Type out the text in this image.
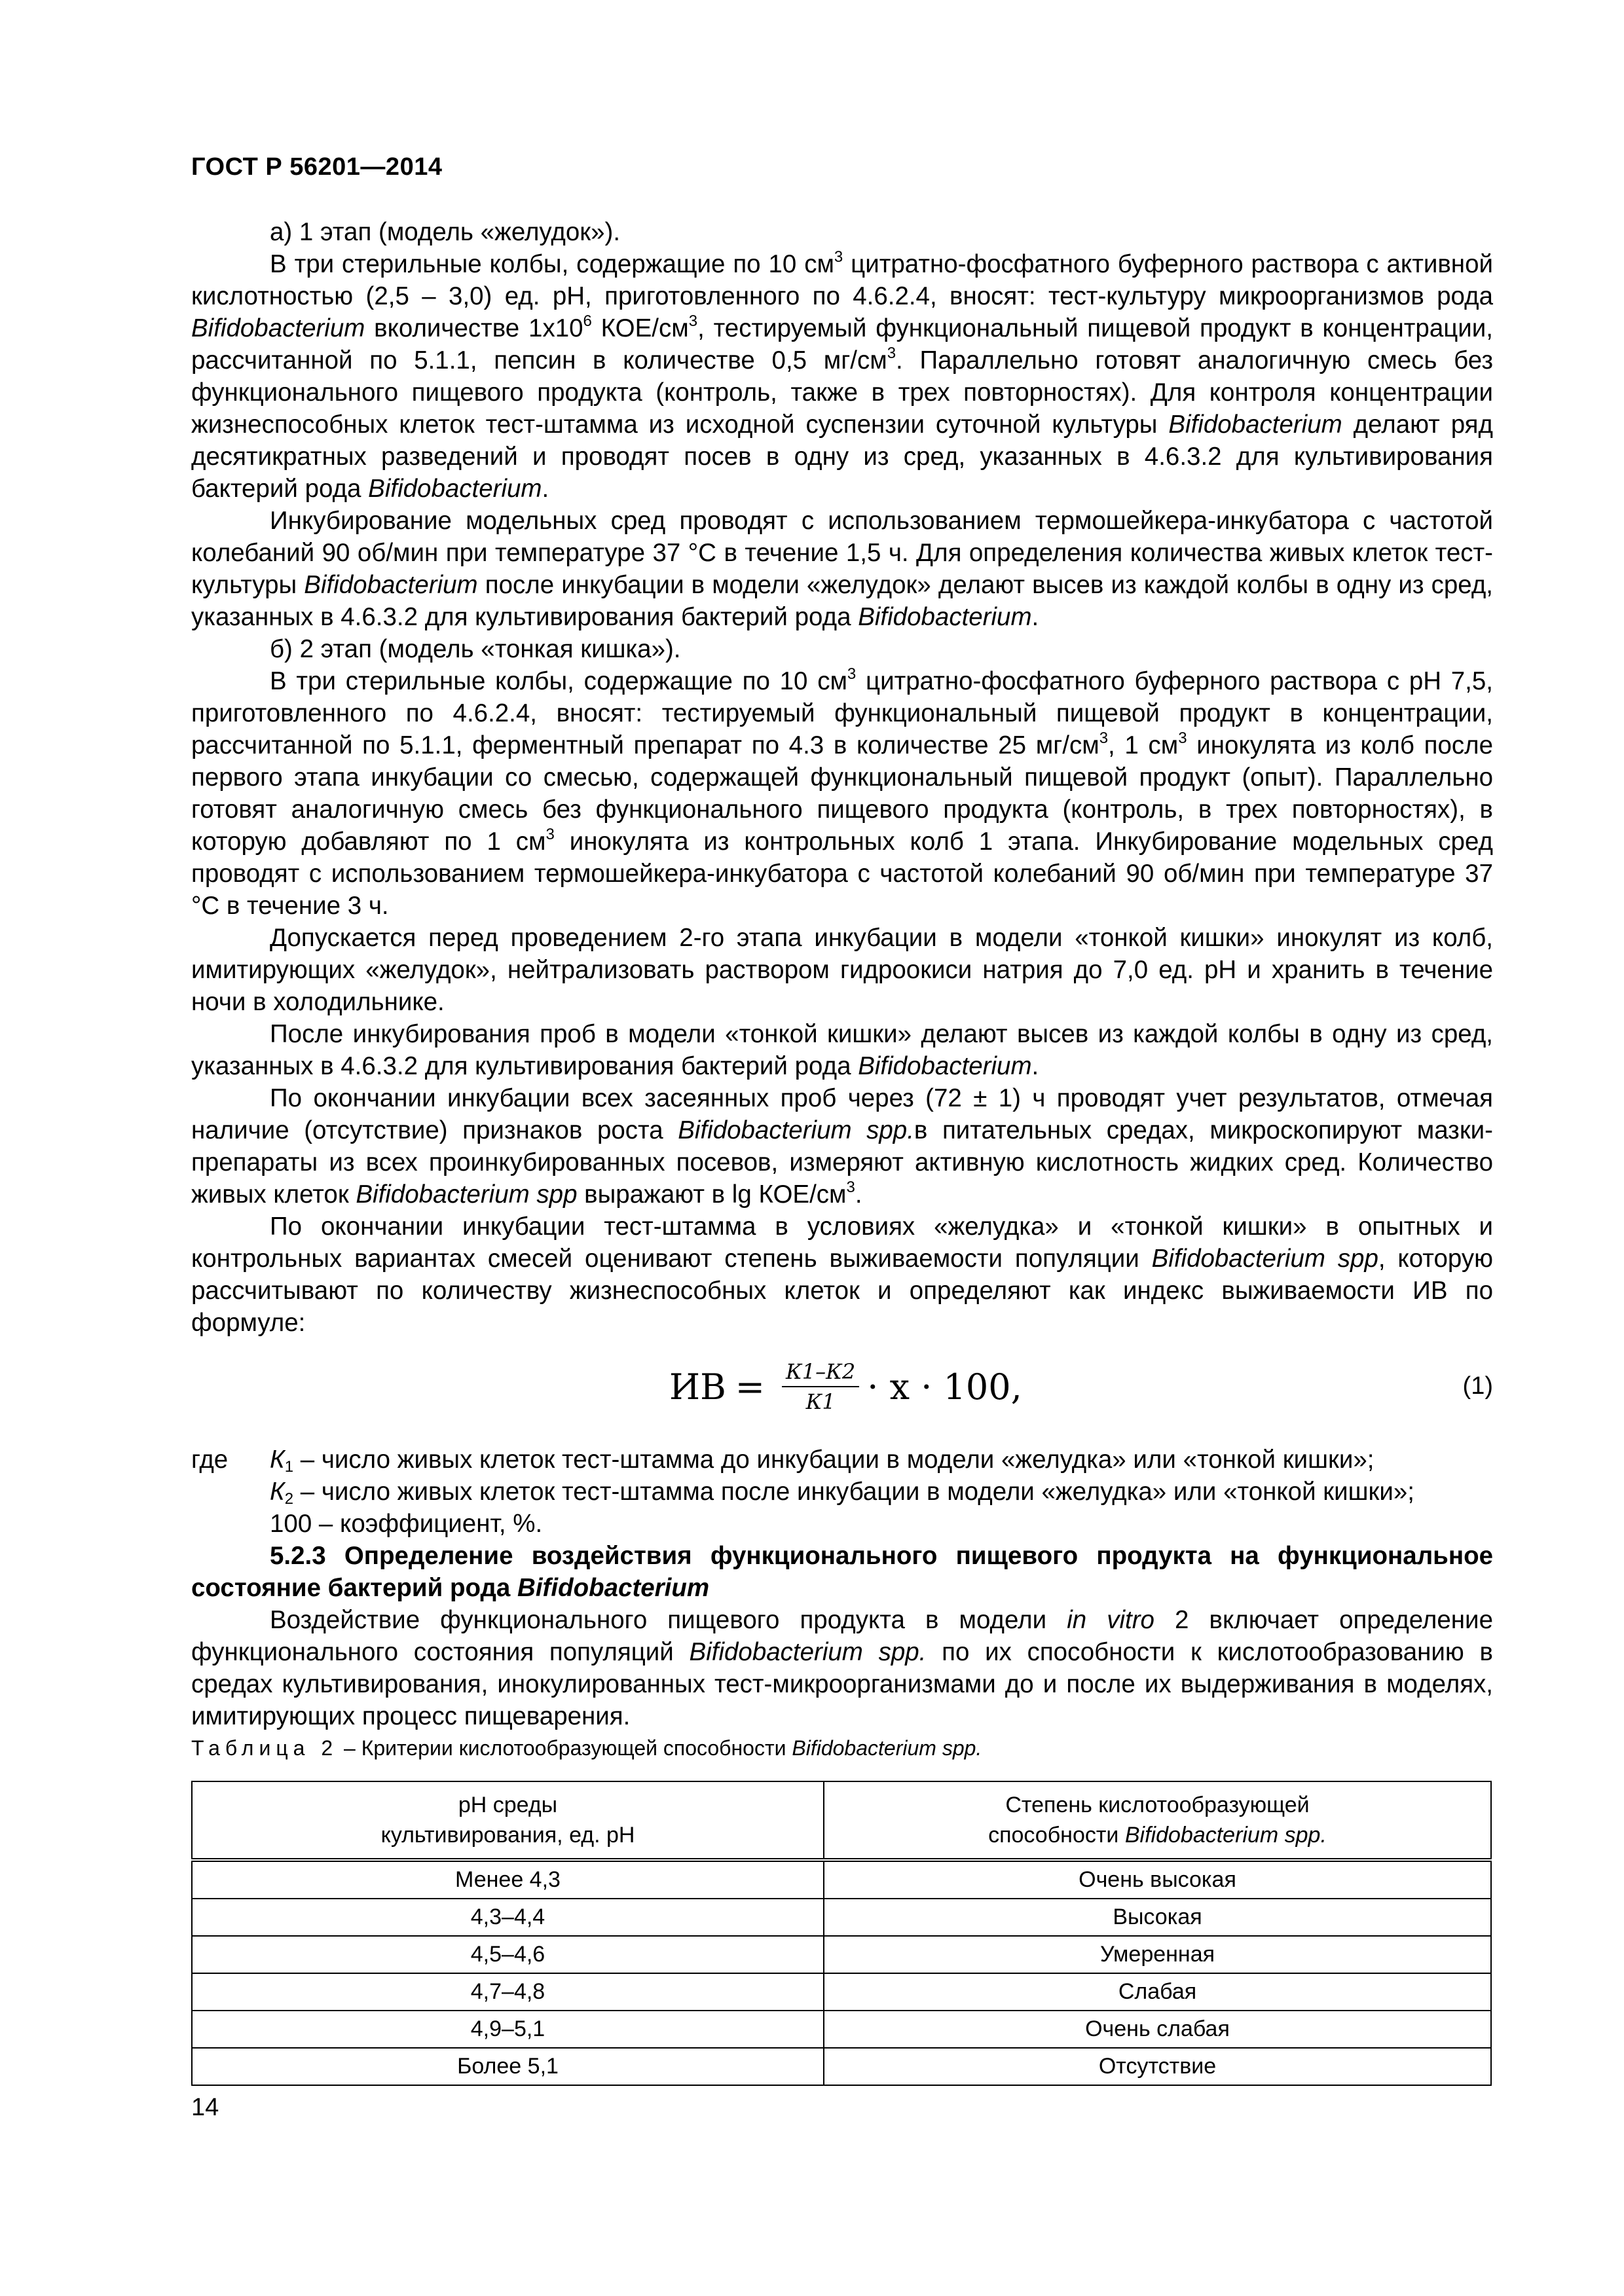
ГОСТ Р 56201—2014

а) 1 этап (модель «желудок»).

В три стерильные колбы, содержащие по 10 $см^3$ цитратно-фосфатного буферного раствора с активной кислотностью (2,5 – 3,0) ед. рН, приготовленного по 4.6.2.4, вносят: тест-культуру микроорганизмов рода Bifidobacterium вколичестве $1х10^6$ КОЕ/$см^3$, тестируемый функциональный пищевой продукт в концентрации, рассчитанной по 5.1.1, пепсин в количестве 0,5 $мг/см^3$. Параллельно готовят аналогичную смесь без функционального пищевого продукта (контроль, также в трех повторностях). Для контроля концентрации жизнеспособных клеток тест-штамма из исходной суспензии суточной культуры Bifidobacterium делают ряд десятикратных разведений и проводят посев в одну из сред, указанных в 4.6.3.2 для культивирования бактерий рода Bifidobacterium.

Инкубирование модельных сред проводят с использованием термошейкера-инкубатора с частотой колебаний 90 об/мин при температуре 37 °С в течение 1,5 ч. Для определения количества живых клеток тест-культуры Bifidobacterium после инкубации в модели «желудок» делают высев из каждой колбы в одну из сред, указанных в 4.6.3.2 для культивирования бактерий рода Bifidobacterium.

б) 2 этап (модель «тонкая кишка»).

В три стерильные колбы, содержащие по 10 $см^3$ цитратно-фосфатного буферного раствора с рН 7,5, приготовленного по 4.6.2.4, вносят: тестируемый функциональный пищевой продукт в концентрации, рассчитанной по 5.1.1, ферментный препарат по 4.3 в количестве 25 $мг/см^3$, 1 $см^3$ инокулята из колб после первого этапа инкубации со смесью, содержащей функциональный пищевой продукт (опыт). Параллельно готовят аналогичную смесь без функционального пищевого продукта (контроль, в трех повторностях), в которую добавляют по 1 $см^3$ инокулята из контрольных колб 1 этапа. Инкубирование модельных сред проводят с использованием термошейкера-инкубатора с частотой колебаний 90 об/мин при температуре 37 °С в течение 3 ч.

Допускается перед проведением 2-го этапа инкубации в модели «тонкой кишки» инокулят из колб, имитирующих «желудок», нейтрализовать раствором гидроокиси натрия до 7,0 ед. рН и хранить в течение ночи в холодильнике.

После инкубирования проб в модели «тонкой кишки» делают высев из каждой колбы в одну из сред, указанных в 4.6.3.2 для культивирования бактерий рода Bifidobacterium.

По окончании инкубации всех засеянных проб через (72 ± 1) ч проводят учет результатов, отмечая наличие (отсутствие) признаков роста Bifidobacterium spp.в питательных средах, микроскопируют мазки-препараты из всех проинкубированных посевов, измеряют активную кислотность жидких сред. Количество живых клеток Bifidobacterium spp выражают в lg КОЕ/$см^3$.

По окончании инкубации тест-штамма в условиях «желудка» и «тонкой кишки» в опытных и контрольных вариантах смесей оценивают степень выживаемости популяции Bifidobacterium spp, которую рассчитывают по количеству жизнеспособных клеток и определяют как индекс выживаемости ИВ по формуле:

ИВ = $\frac{К1-К2}{К1} \cdot x \cdot 100$,	(1)
где	$К_1$ – число живых клеток тест-штамма до инкубации в модели «желудка» или «тонкой кишки»;

$К_2$ – число живых клеток тест-штамма после инкубации в модели «желудка» или «тонкой кишки»;

100 – коэффициент, %.

5.2.3 Определение воздействия функционального пищевого продукта на функциональное состояние бактерий рода Bifidobacterium

Воздействие функционального пищевого продукта в модели in vitro 2 включает определение функционального состояния популяций Bifidobacterium spp. по их способности к кислотообразованию в средах культивирования, инокулированных тест-микроорганизмами до и после их выдерживания в моделях, имитирующих процесс пищеварения.

Таблица 2 – Критерии кислотообразующей способности Bifidobacterium spp.
рН среды
культивирования, ед. рН	Степень кислотообразующей
способности Bifidobacterium spp.
Менее 4,3	Очень высокая
4,3–4,4	Высокая
4,5–4,6	Умеренная
4,7–4,8	Слабая
4,9–5,1	Очень слабая
Более 5,1	Отсутствие
14
